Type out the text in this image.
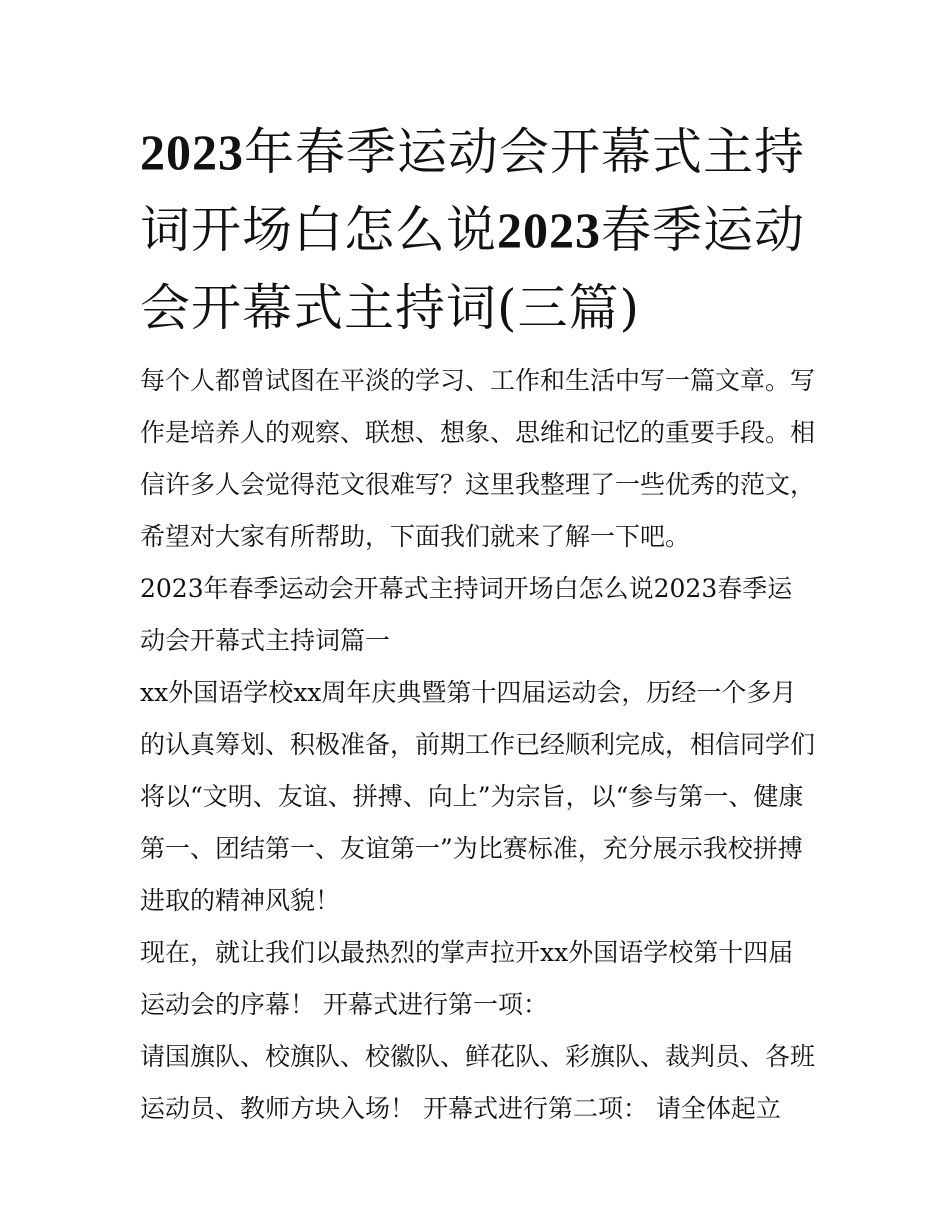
2023年春季运动会开幕式主持词开场白怎么说2023春季运动会开幕式主持词(三篇)

每个人都曾试图在平淡的学习、工作和生活中写一篇文章。写作是培养人的观察、联想、想象、思维和记忆的重要手段。相信许多人会觉得范文很难写？这里我整理了一些优秀的范文，希望对大家有所帮助，下面我们就来了解一下吧。

2023年春季运动会开幕式主持词开场白怎么说2023春季运动会开幕式主持词篇一

xx外国语学校xx周年庆典暨第十四届运动会，历经一个多月的认真筹划、积极准备，前期工作已经顺利完成，相信同学们将以“文明、友谊、拼搏、向上”为宗旨，以“参与第一、健康第一、团结第一、友谊第一”为比赛标准，充分展示我校拼搏进取的精神风貌！

现在，就让我们以最热烈的掌声拉开xx外国语学校第十四届运动会的序幕！ 开幕式进行第一项：

请国旗队、校旗队、校徽队、鲜花队、彩旗队、裁判员、各班运动员、教师方块入场！ 开幕式进行第二项： 请全体起立
